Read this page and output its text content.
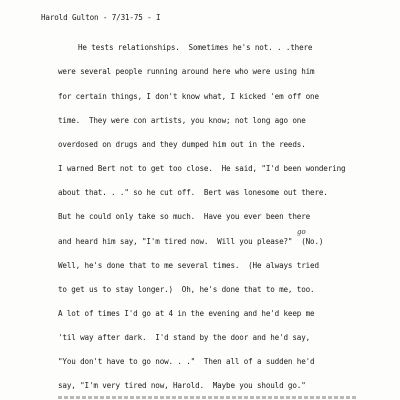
Harold Gulton - 7/31-75 - I
He tests relationships.  Sometimes he's not. . .there
were several people running around here who were using him
for certain things, I don't know what, I kicked 'em off one
time.  They were con artists, you know; not long ago one
overdosed on drugs and they dumped him out in the reeds.
I warned Bert not to get too close.  He said, "I'd been wondering
about that. . ." so he cut off.  Bert was lonesome out there.
But he could only take so much.  Have you ever been there
and heard him say, "I'm tired now.  Will you please?"  (No.)
Well, he's done that to me several times.  (He always tried
to get us to stay longer.)  Oh, he's done that to me, too.
A lot of times I'd go at 4 in the evening and he'd keep me
'til way after dark.  I'd stand by the door and he'd say,
"You don't have to go now. . ."  Then all of a sudden he'd
say, "I'm very tired now, Harold.  Maybe you should go."
go
